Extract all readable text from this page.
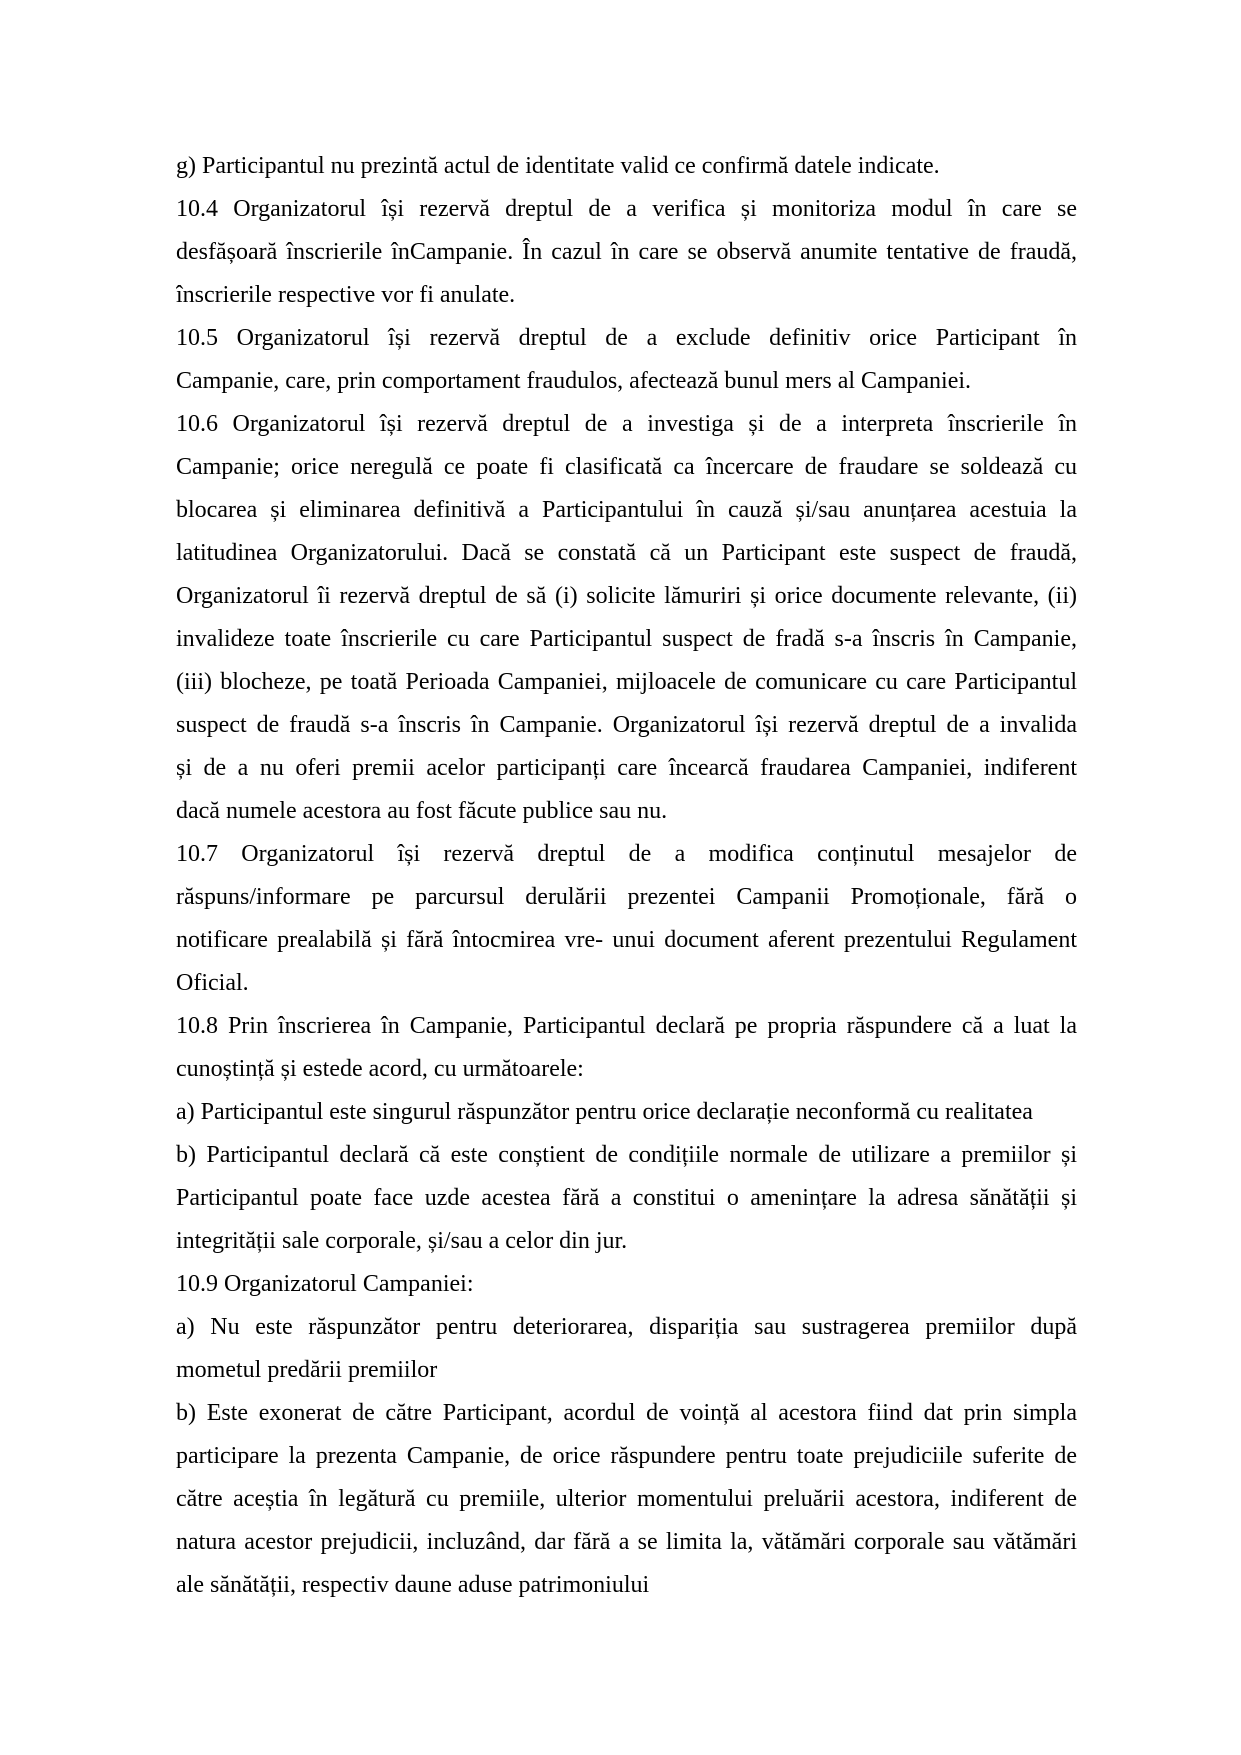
g) Participantul nu prezintă actul de identitate valid ce confirmă datele indicate.
10.4 Organizatorul își rezervă dreptul de a verifica și monitoriza modul în care se
desfășoară înscrierile înCampanie. În cazul în care se observă anumite tentative de fraudă,
înscrierile respective vor fi anulate.
10.5 Organizatorul își rezervă dreptul de a exclude definitiv orice Participant în
Campanie, care, prin comportament fraudulos, afectează bunul mers al Campaniei.
10.6 Organizatorul își rezervă dreptul de a investiga și de a interpreta înscrierile în
Campanie; orice neregulă ce poate fi clasificată ca încercare de fraudare se soldează cu
blocarea și eliminarea definitivă a Participantului în cauză și/sau anunțarea acestuia la
latitudinea Organizatorului. Dacă se constată că un Participant este suspect de fraudă,
Organizatorul îi rezervă dreptul de să (i) solicite lămuriri și orice documente relevante, (ii)
invalideze toate înscrierile cu care Participantul suspect de fradă s-a înscris în Campanie,
(iii) blocheze, pe toată Perioada Campaniei, mijloacele de comunicare cu care Participantul
suspect de fraudă s-a înscris în Campanie. Organizatorul își rezervă dreptul de a invalida
și de a nu oferi premii acelor participanți care încearcă fraudarea Campaniei, indiferent
dacă numele acestora au fost făcute publice sau nu.
10.7 Organizatorul își rezervă dreptul de a modifica conținutul mesajelor de
răspuns/informare pe parcursul derulării prezentei Campanii Promoționale, fără o
notificare prealabilă și fără întocmirea vre- unui document aferent prezentului Regulament
Oficial.
10.8 Prin înscrierea în Campanie, Participantul declară pe propria răspundere că a luat la
cunoștință și estede acord, cu următoarele:
a) Participantul este singurul răspunzător pentru orice declarație neconformă cu realitatea
b) Participantul declară că este conștient de condițiile normale de utilizare a premiilor și
Participantul poate face uzde acestea fără a constitui o amenințare la adresa sănătății și
integrității sale corporale, și/sau a celor din jur.
10.9 Organizatorul Campaniei:
a) Nu este răspunzător pentru deteriorarea, dispariția sau sustragerea premiilor după
mometul predării premiilor
b) Este exonerat de către Participant, acordul de voință al acestora fiind dat prin simpla
participare la prezenta Campanie, de orice răspundere pentru toate prejudiciile suferite de
către aceștia în legătură cu premiile, ulterior momentului preluării acestora, indiferent de
natura acestor prejudicii, incluzând, dar fără a se limita la, vătămări corporale sau vătămări
ale sănătății, respectiv daune aduse patrimoniului
